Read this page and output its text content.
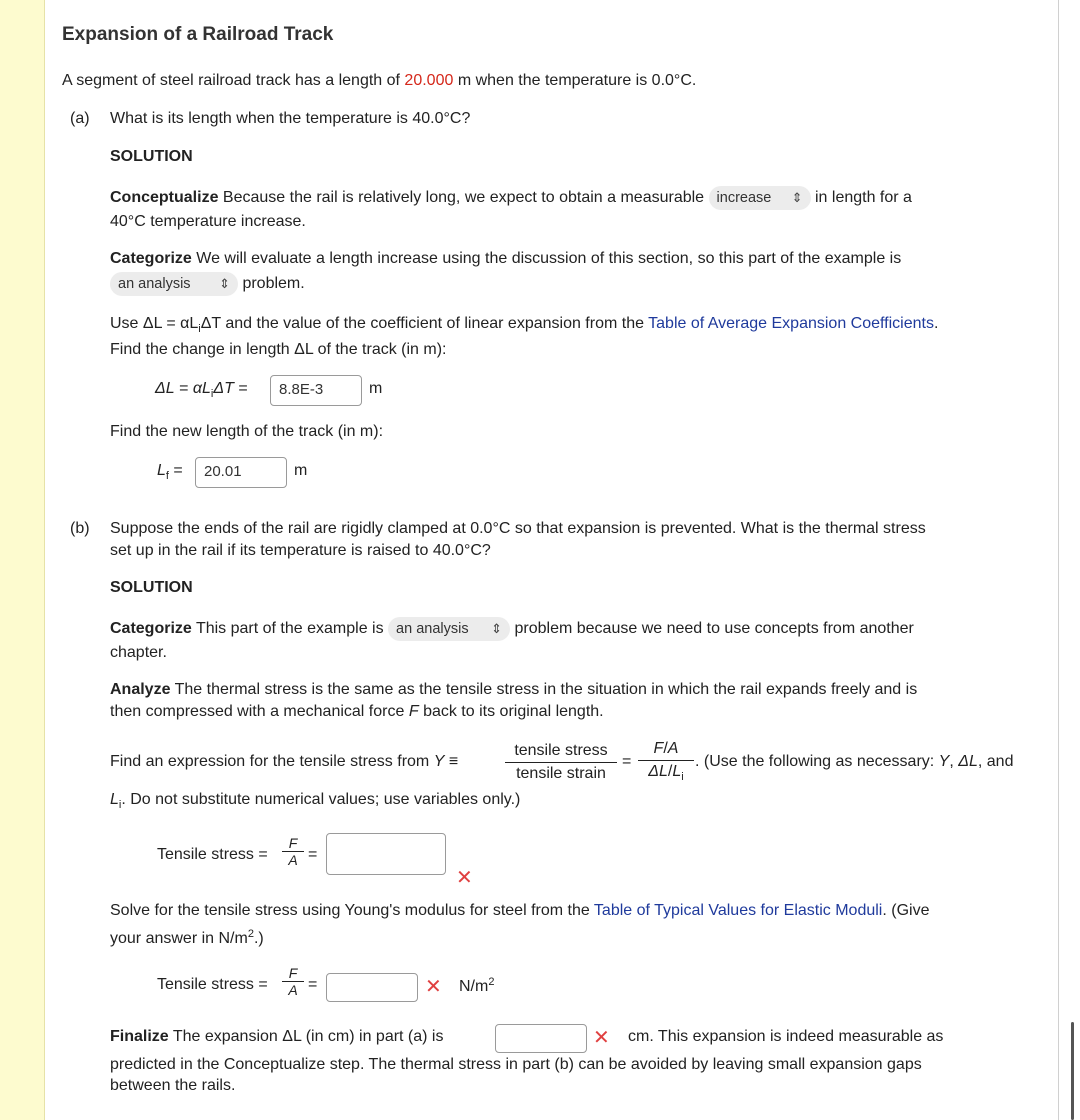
Expansion of a Railroad Track
A segment of steel railroad track has a length of 20.000 m when the temperature is 0.0°C.
(a) What is its length when the temperature is 40.0°C?
SOLUTION
Conceptualize Because the rail is relatively long, we expect to obtain a measurable increase ⇕ in length for a
40°C temperature increase.
Categorize We will evaluate a length increase using the discussion of this section, so this part of the example is
an analysis ⇕ problem.
Use $\Delta L = \alpha L_i\Delta T$ and the value of the coefficient of linear expansion from the Table of Average Expansion Coefficients.
Find the change in length ΔL of the track (in m):
$\Delta L = \alpha L_i\Delta T$ =	8.8E-3	m
Find the new length of the track (in m):
$L_f$ =	20.01	m
(b) Suppose the ends of the rail are rigidly clamped at 0.0°C so that expansion is prevented. What is the thermal stress
set up in the rail if its temperature is raised to 40.0°C?
SOLUTION
Categorize This part of the example is an analysis ⇕ problem because we need to use concepts from another
chapter.
Analyze The thermal stress is the same as the tensile stress in the situation in which the rail expands freely and is
then compressed with a mechanical force F back to its original length.
Find an expression for the tensile stress from Y ≡
tensile stress
tensile strain
= $\frac{F/A}{\Delta L/L_i}$ . (Use the following as necessary: Y, ΔL, and
$L_i$. Do not substitute numerical values; use variables only.)
Tensile stress = $\frac{F}{A}$ =
✕
Solve for the tensile stress using Young's modulus for steel from the Table of Typical Values for Elastic Moduli. (Give
your answer in $N/m^2$.)
Tensile stress = $\frac{F}{A}$ =	✕ $N/m^2$
Finalize The expansion ΔL (in cm) in part (a) is	✕ cm. This expansion is indeed measurable as
predicted in the Conceptualize step. The thermal stress in part (b) can be avoided by leaving small expansion gaps
between the rails.
